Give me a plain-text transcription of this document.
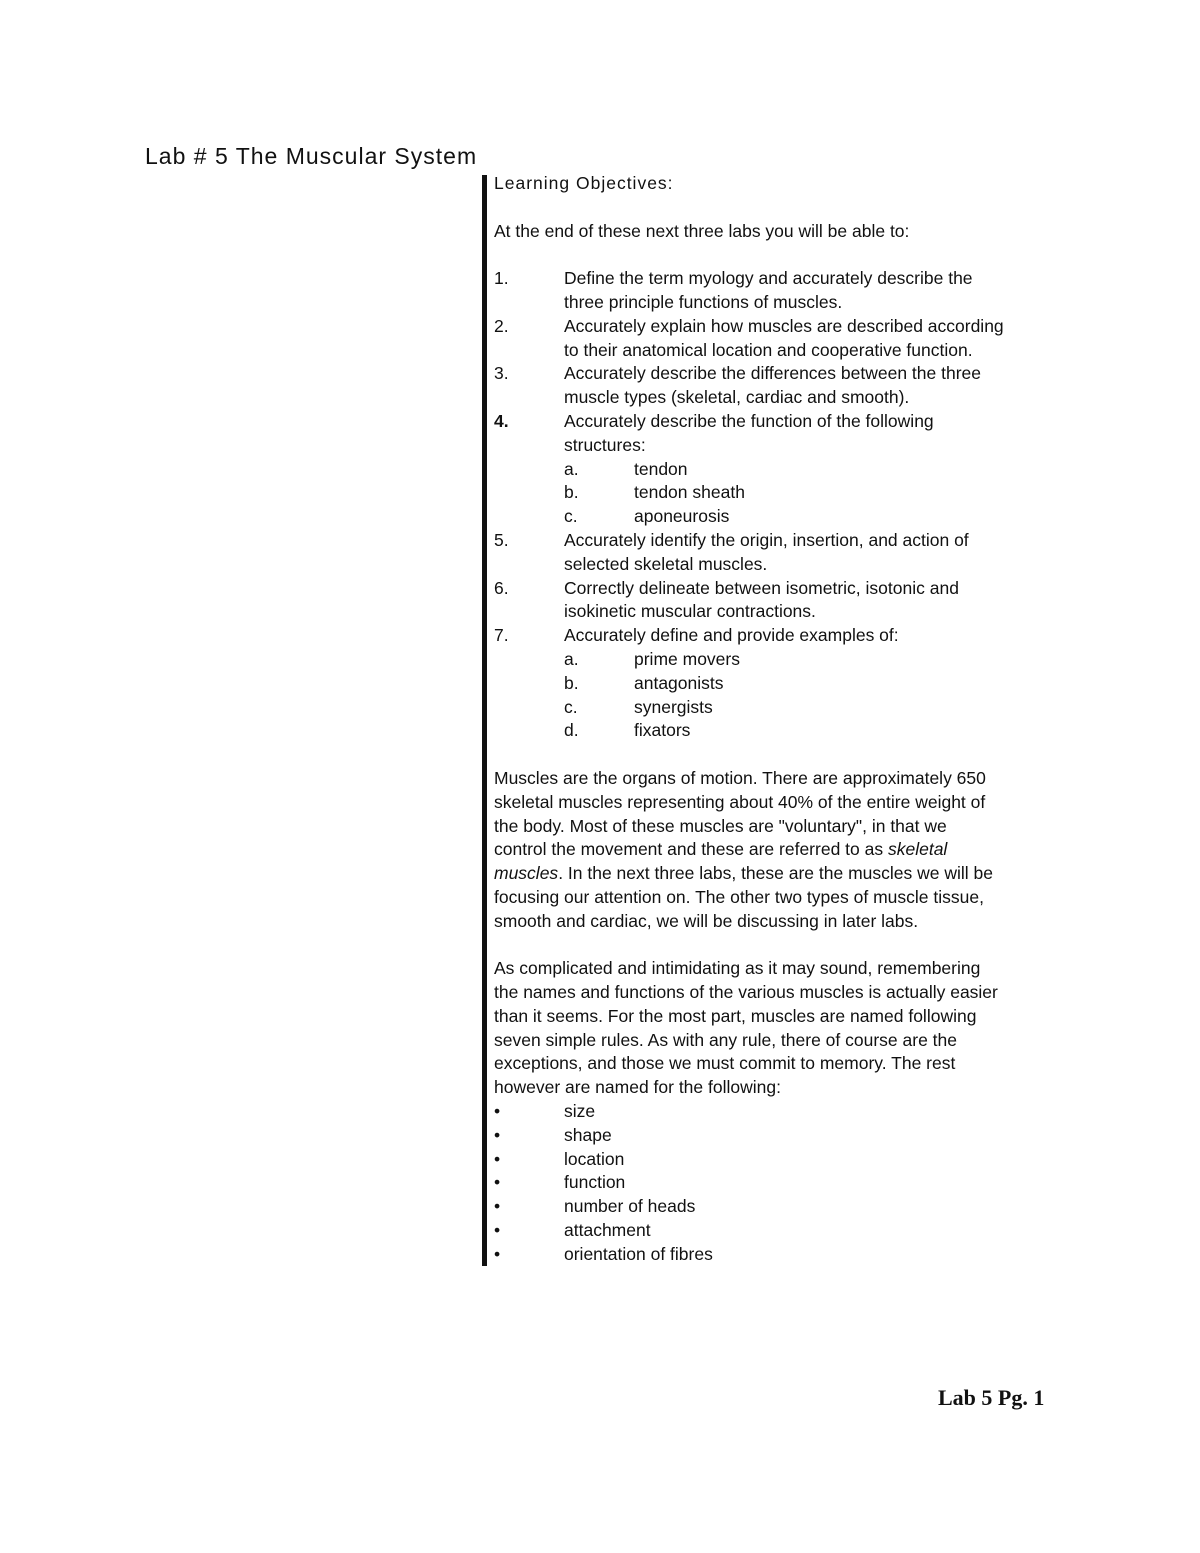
Lab # 5 The Muscular System

Learning Objectives:

At the end of these next three labs you will be able to:

1.	Define the term myology and accurately describe the

three principle functions of muscles.

2.	Accurately explain how muscles are described according

to their anatomical location and cooperative function.

3.	Accurately describe the differences between the three

muscle types (skeletal, cardiac and smooth).

4.	Accurately describe the function of the following

structures:

a.	tendon

b.	tendon sheath

c.	aponeurosis

5.	Accurately identify the origin, insertion, and action of

selected skeletal muscles.

6.	Correctly delineate between isometric, isotonic and

isokinetic muscular contractions.

7.	Accurately define and provide examples of:

a.	prime movers

b.	antagonists

c.	synergists

d.	fixators

Muscles are the organs of motion. There are approximately 650

skeletal muscles representing about 40% of the entire weight of

the body. Most of these muscles are "voluntary", in that we

control the movement and these are referred to as skeletal

muscles. In the next three labs, these are the muscles we will be

focusing our attention on. The other two types of muscle tissue,

smooth and cardiac, we will be discussing in later labs.

As complicated and intimidating as it may sound, remembering

the names and functions of the various muscles is actually easier

than it seems. For the most part, muscles are named following

seven simple rules. As with any rule, there of course are the

exceptions, and those we must commit to memory. The rest

however are named for the following:

•	size

•	shape

•	location

•	function

•	number of heads

•	attachment

•	orientation of fibres

Lab 5 Pg. 1
